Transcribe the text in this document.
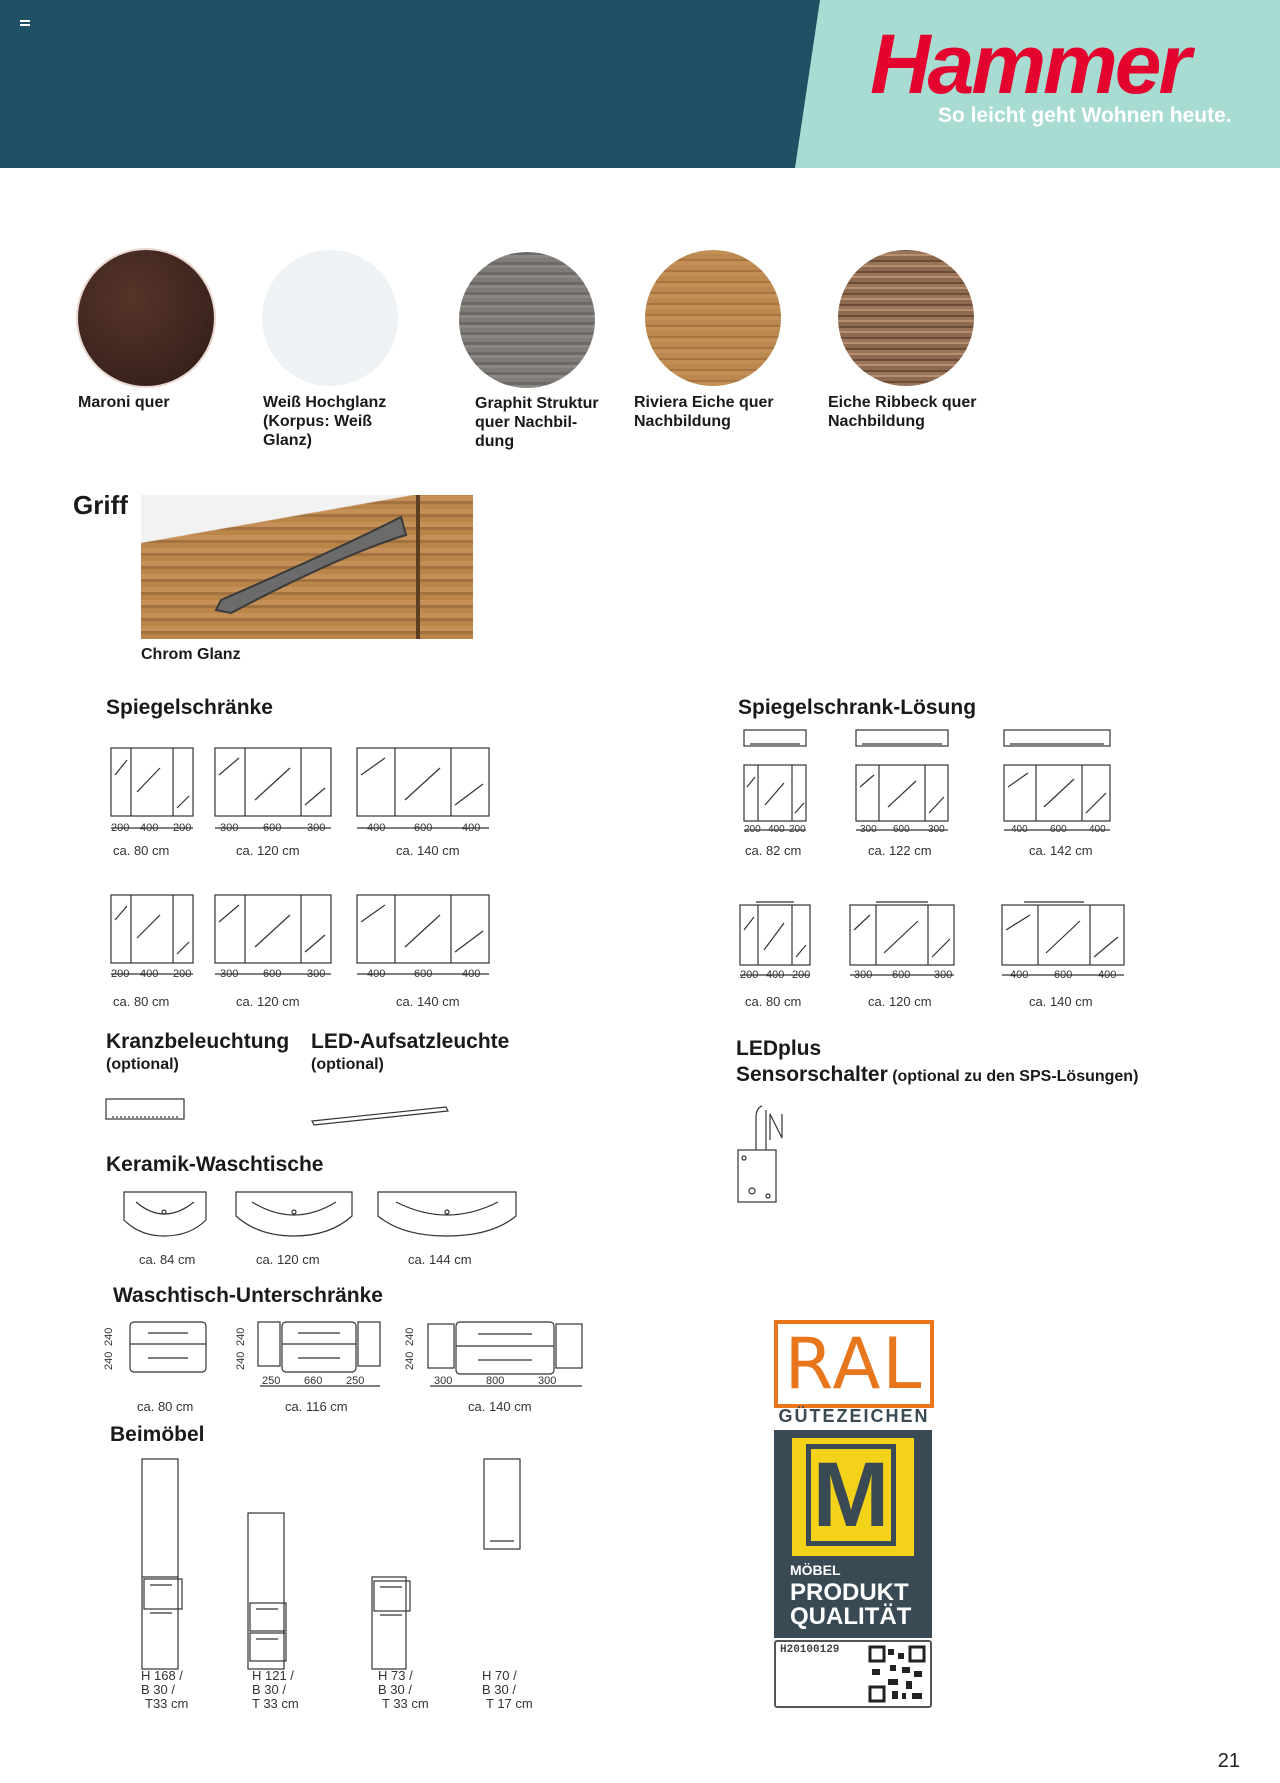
Hammer
So leicht geht Wohnen heute.
Maroni quer	Weiß Hochglanz (Korpus: Weiß Glanz)
Graphit Struktur quer Nachbil-dung
Riviera Eiche quer Nachbildung
Eiche Ribbeck quer Nachbildung
Griff
Chrom Glanz
Spiegelschränke
200 400 200	300 600 300	400	600	400
200 400 200	300 600 300	400	600	400
ca. 80 cm	ca. 120 cm	ca. 140 cm
ca. 80 cm	ca. 120 cm	ca. 140 cm
Spiegelschrank-Lösung
200 400 200	300 600 300	400 600 400
200 400 200	300 600 300	400 600 400
ca. 82 cm	ca. 122 cm	ca. 142 cm
ca. 80 cm	ca. 120 cm	ca. 140 cm
Kranzbeleuchtung
(optional)
LED-Aufsatzleuchte
(optional)
LEDplus
Sensorschalter (optional zu den SPS-Lösungen)
Keramik-Waschtische
ca. 84 cm	ca. 120 cm	ca. 144 cm
Waschtisch-Unterschränke
240
240
240
240
240
240
250 660 250	300	800	300
ca. 80 cm	ca. 116 cm	ca. 140 cm
Beimöbel
H 168 /
B 30 /
T33 cm
H 121 /
B 30 /
T 33 cm
H 73 /
B 30 /
T 33 cm
H 70 /
B 30 /
T 17 cm
RAL
GÜTEZEICHEN
M
MÖBEL
PRODUKT
QUALITÄT
H20100129
21
